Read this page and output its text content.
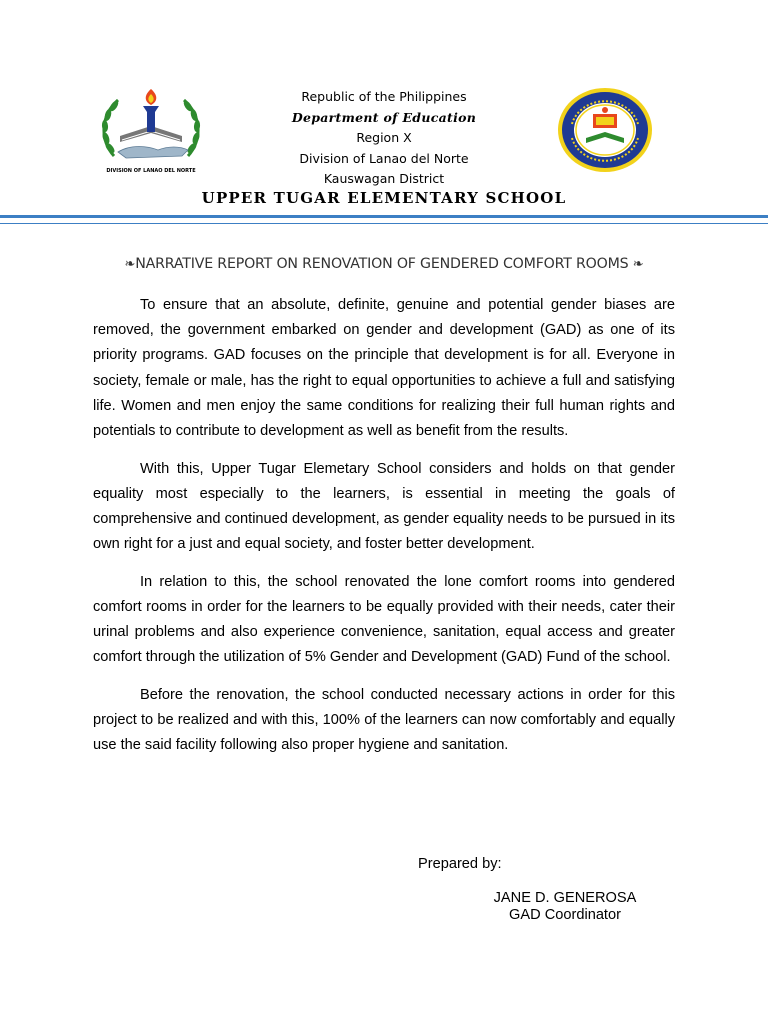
DIVISION OF LANAO DEL NORTE
Republic of the Philippines
Department of Education
Region X
Division of Lanao del Norte
Kauswagan District
UPPER TUGAR ELEMENTARY SCHOOL
❧NARRATIVE REPORT ON RENOVATION OF GENDERED COMFORT ROOMS ❧

To ensure that an absolute, definite, genuine and potential gender biases are removed, the government embarked on gender and development (GAD) as one of its priority programs. GAD focuses on the principle that development is for all. Everyone in society, female or male, has the right to equal opportunities to achieve a full and satisfying life. Women and men enjoy the same conditions for realizing their full human rights and potentials to contribute to development as well as benefit from the results.

With this, Upper Tugar Elemetary School considers and holds on that gender equality most especially to the learners, is essential in meeting the goals of comprehensive and continued development, as gender equality needs to be pursued in its own right for a just and equal society, and foster better development.

In relation to this, the school renovated the lone comfort rooms into gendered comfort rooms in order for the learners to be equally provided with their needs, cater their urinal problems and also experience convenience, sanitation, equal access and greater comfort through the utilization of 5% Gender and Development (GAD) Fund of the school.

Before the renovation, the school conducted necessary actions in order for this project to be realized and with this, 100% of the learners can now comfortably and equally use the said facility following also proper hygiene and sanitation.

Prepared by:
JANE D. GENEROSA
GAD Coordinator
